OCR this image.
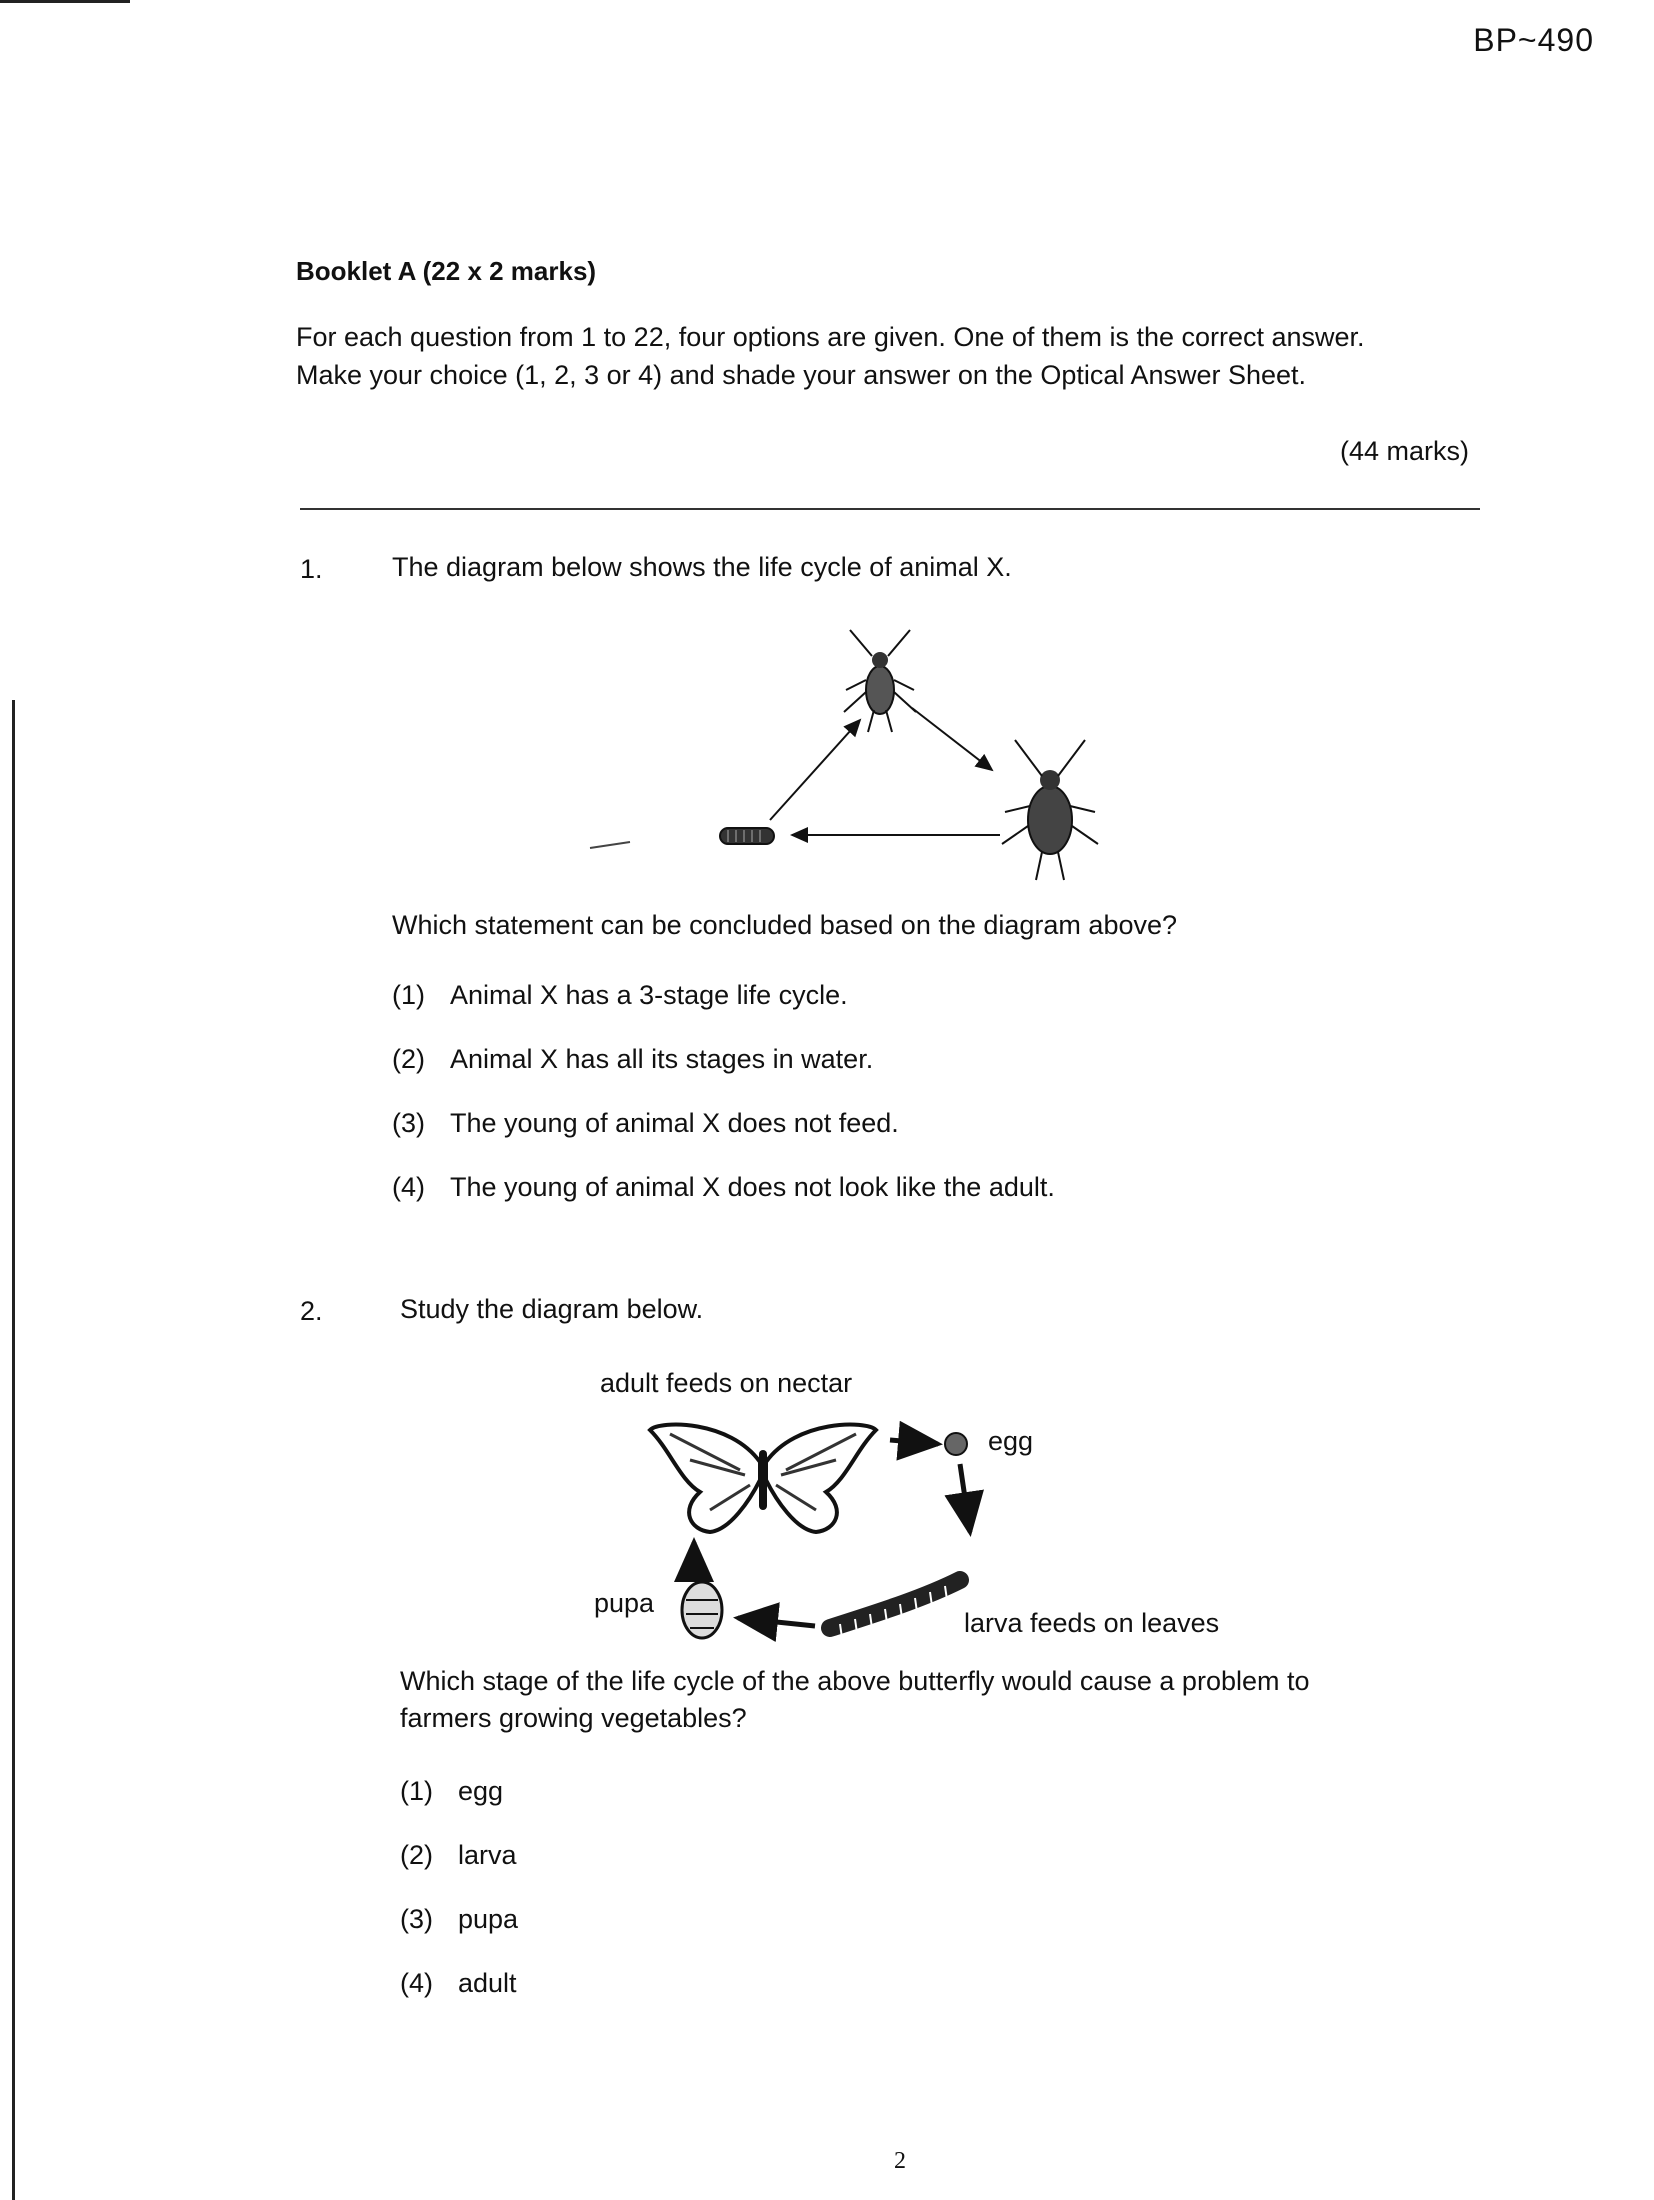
BP~490
Booklet A (22 x 2 marks)
For each question from 1 to 22, four options are given. One of them is the correct answer.
Make your choice (1, 2, 3 or 4) and shade your answer on the Optical Answer Sheet.
(44 marks)
1.	The diagram below shows the life cycle of animal X.
Which statement can be concluded based on the diagram above?
(1) Animal X has a 3-stage life cycle.
(2) Animal X has all its stages in water.
(3) The young of animal X does not feed.
(4) The young of animal X does not look like the adult.
2.	Study the diagram below.
adult feeds on nectar
egg
pupa
larva feeds on leaves
Which stage of the life cycle of the above butterfly would cause a problem to
farmers growing vegetables?
(1) egg
(2) larva
(3) pupa
(4) adult
2
